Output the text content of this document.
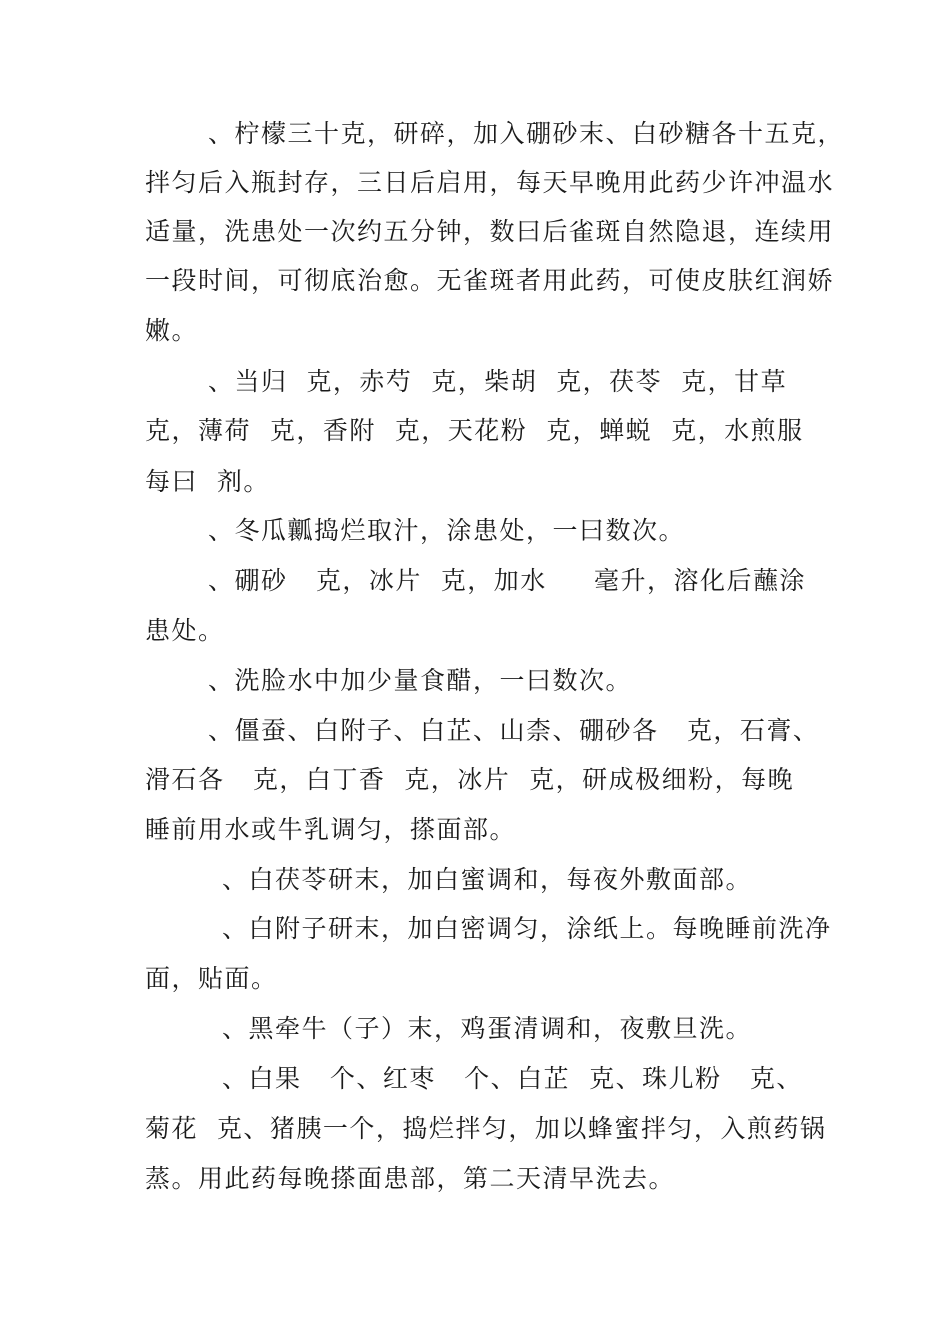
、柠檬三十克，研碎，加入硼砂末、白砂糖各十五克，
拌匀后入瓶封存，三日后启用，每天早晚用此药少许冲温水
适量，洗患处一次约五分钟，数曰后雀斑自然隐退，连续用
一段时间，可彻底治愈。无雀斑者用此药，可使皮肤红润娇
嫩。
、当归  克，赤芍  克，柴胡  克，茯苓  克，甘草
克，薄荷  克，香附  克，天花粉  克，蝉蜕  克，水煎服
每曰  剂。
、冬瓜瓤捣烂取汁，涂患处，一曰数次。
、硼砂   克，冰片  克，加水     毫升，溶化后蘸涂
患处。
、洗脸水中加少量食醋，一曰数次。
、僵蚕、白附子、白芷、山柰、硼砂各   克，石膏、
滑石各   克，白丁香  克，冰片  克，研成极细粉，每晚
睡前用水或牛乳调匀，搽面部。
、白茯苓研末，加白蜜调和，每夜外敷面部。
、白附子研末，加白密调匀，涂纸上。每晚睡前洗净
面，贴面。
、黑牵牛（子）末，鸡蛋清调和，夜敷旦洗。
、白果   个、红枣   个、白芷  克、珠儿粉   克、
菊花  克、猪胰一个，捣烂拌匀，加以蜂蜜拌匀，入煎药锅
蒸。用此药每晚搽面患部，第二天清早洗去。
